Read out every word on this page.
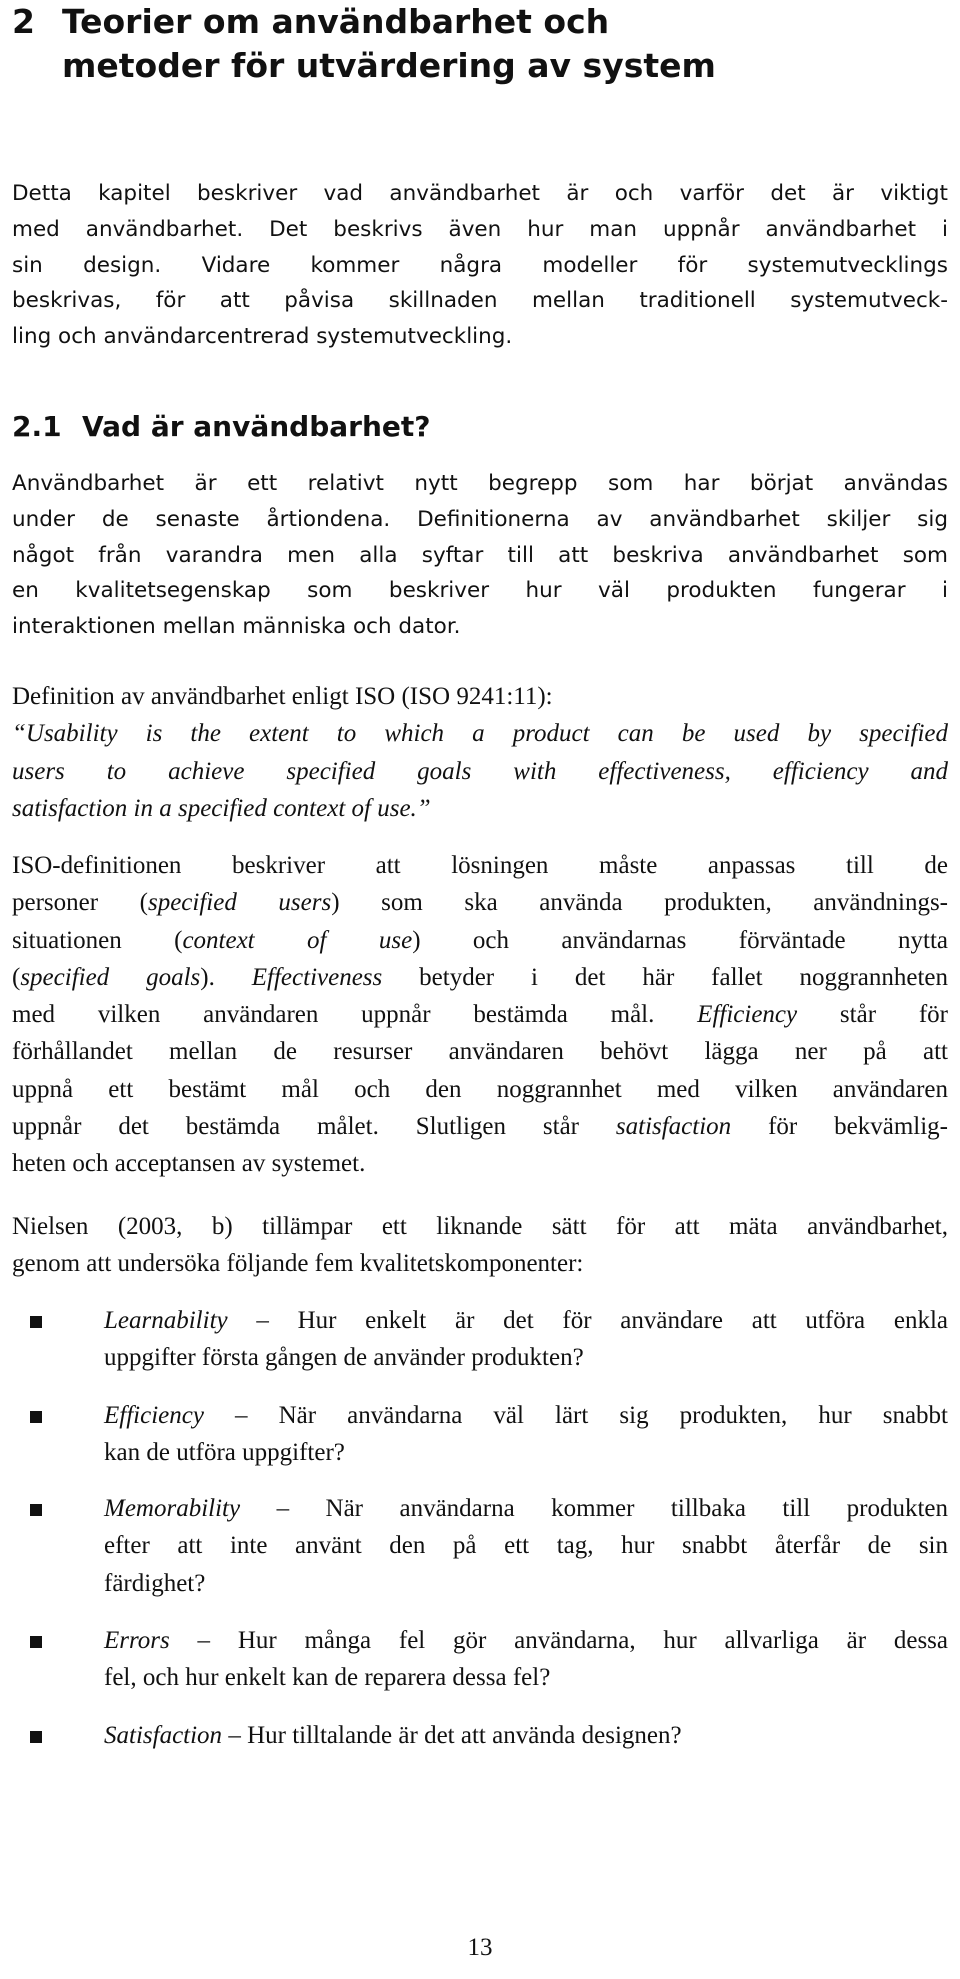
2 Teorier om användbarhet och
metoder för utvärdering av system

Detta kapitel beskriver vad användbarhet är och varför det är viktigt
med användbarhet. Det beskrivs även hur man uppnår användbarhet i
sin design. Vidare kommer några modeller för systemutvecklings
beskrivas, för att påvisa skillnaden mellan traditionell systemutveck-
ling och användarcentrerad systemutveckling.

2.1 Vad är användbarhet?

Användbarhet är ett relativt nytt begrepp som har börjat användas
under de senaste årtiondena. Definitionerna av användbarhet skiljer sig
något från varandra men alla syftar till att beskriva användbarhet som
en kvalitetsegenskap som beskriver hur väl produkten fungerar i
interaktionen mellan människa och dator.

Definition av användbarhet enligt ISO (ISO 9241:11):
“Usability is the extent to which a product can be used by specified
users to achieve specified goals with effectiveness, efficiency and
satisfaction in a specified context of use.”

ISO-definitionen beskriver att lösningen måste anpassas till de
personer (specified users) som ska använda produkten, användnings-
situationen (context of use) och användarnas förväntade nytta
(specified goals). Effectiveness betyder i det här fallet noggrannheten
med vilken användaren uppnår bestämda mål. Efficiency står för
förhållandet mellan de resurser användaren behövt lägga ner på att
uppnå ett bestämt mål och den noggrannhet med vilken användaren
uppnår det bestämda målet. Slutligen står satisfaction för bekvämlig-
heten och acceptansen av systemet.

Nielsen (2003, b) tillämpar ett liknande sätt för att mäta användbarhet,
genom att undersöka följande fem kvalitetskomponenter:

Learnability – Hur enkelt är det för användare att utföra enkla
uppgifter första gången de använder produkten?
Efficiency – När användarna väl lärt sig produkten, hur snabbt
kan de utföra uppgifter?
Memorability – När användarna kommer tillbaka till produkten
efter att inte använt den på ett tag, hur snabbt återfår de sin
färdighet?
Errors – Hur många fel gör användarna, hur allvarliga är dessa
fel, och hur enkelt kan de reparera dessa fel?
Satisfaction – Hur tilltalande är det att använda designen?
13
